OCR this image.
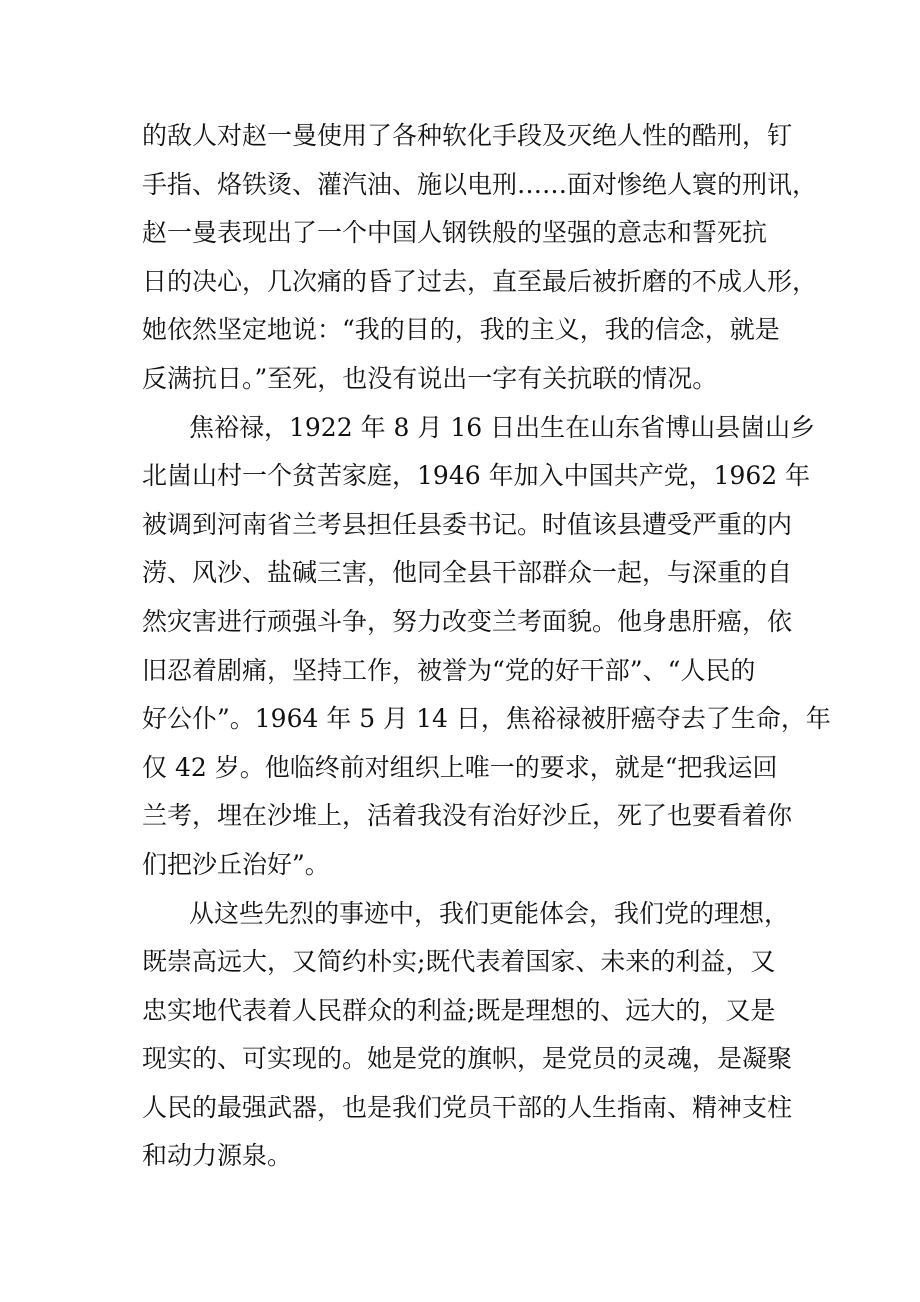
的敌人对赵一曼使用了各种软化手段及灭绝人性的酷刑，钉

手指、烙铁烫、灌汽油、施以电刑……面对惨绝人寰的刑讯，

赵一曼表现出了一个中国人钢铁般的坚强的意志和誓死抗

日的决心，几次痛的昏了过去，直至最后被折磨的不成人形，

她依然坚定地说：“我的目的，我的主义，我的信念，就是

反满抗日。”至死，也没有说出一字有关抗联的情况。

焦裕禄，1922 年 8 月 16 日出生在山东省博山县崮山乡

北崮山村一个贫苦家庭，1946 年加入中国共产党，1962 年

被调到河南省兰考县担任县委书记。时值该县遭受严重的内

涝、风沙、盐碱三害，他同全县干部群众一起，与深重的自

然灾害进行顽强斗争，努力改变兰考面貌。他身患肝癌，依

旧忍着剧痛，坚持工作，被誉为“党的好干部”、“人民的

好公仆”。1964 年 5 月 14 日，焦裕禄被肝癌夺去了生命，年

仅 42 岁。他临终前对组织上唯一的要求，就是“把我运回

兰考，埋在沙堆上，活着我没有治好沙丘，死了也要看着你

们把沙丘治好”。

从这些先烈的事迹中，我们更能体会，我们党的理想，

既崇高远大，又简约朴实;既代表着国家、未来的利益，又

忠实地代表着人民群众的利益;既是理想的、远大的，又是

现实的、可实现的。她是党的旗帜，是党员的灵魂，是凝聚

人民的最强武器，也是我们党员干部的人生指南、精神支柱

和动力源泉。
